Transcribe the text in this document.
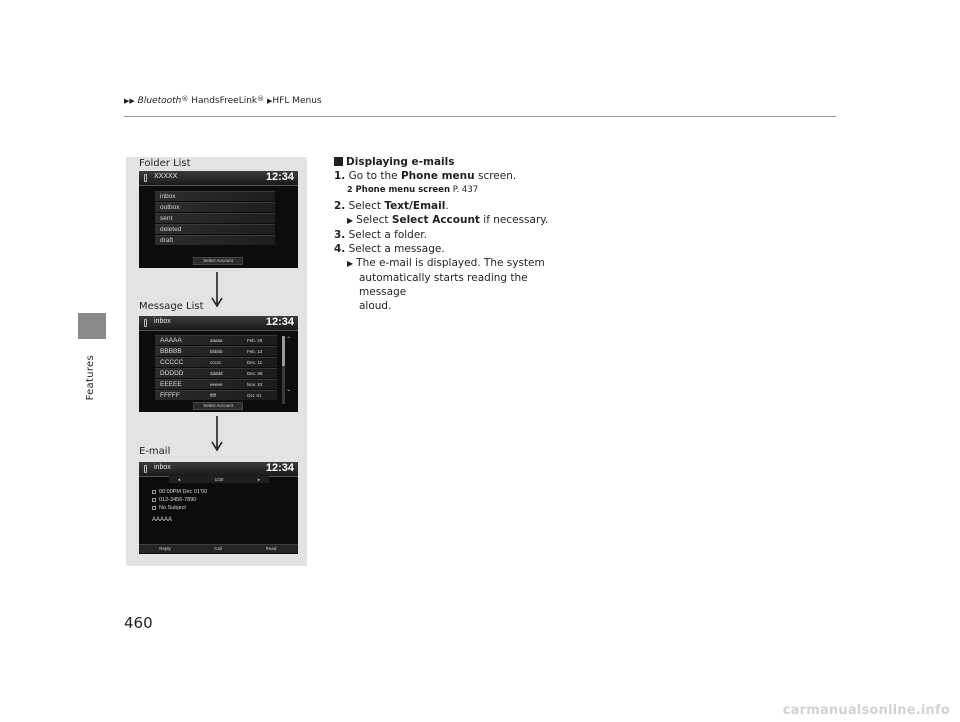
Features
▶▶ Bluetooth® HandsFreeLink® ▶HFL Menus
Folder List
XXXXX	12:34
inbox
outbox
sent
deleted
draft
Select Account
Message List
inbox	12:34
AAAAA	aaaaa	Feb. 25
BBBBB	bbbbb	Feb. 13
CCCCC	ccccc	Dec. 11
DDDDD	ddddd	Dec. 08
EEEEE	eeeee	Nov. 10
FFFFF	fffff	Oct. 01
⌃
⌄
Select Account
E-mail
inbox	12:34
◂	1/20	▸
00:00PM Dec 01'00
012-3456-7890
No Subject
AAAAA
Reply	Call	Read
Displaying e-mails
1. Go to the Phone menu screen.
2 Phone menu screen P. 437
2. Select Text/Email.
▶ Select Select Account if necessary.
3. Select a folder.
4. Select a message.
▶ The e-mail is displayed. The system
automatically starts reading the message
aloud.
460
carmanualsonline.info
